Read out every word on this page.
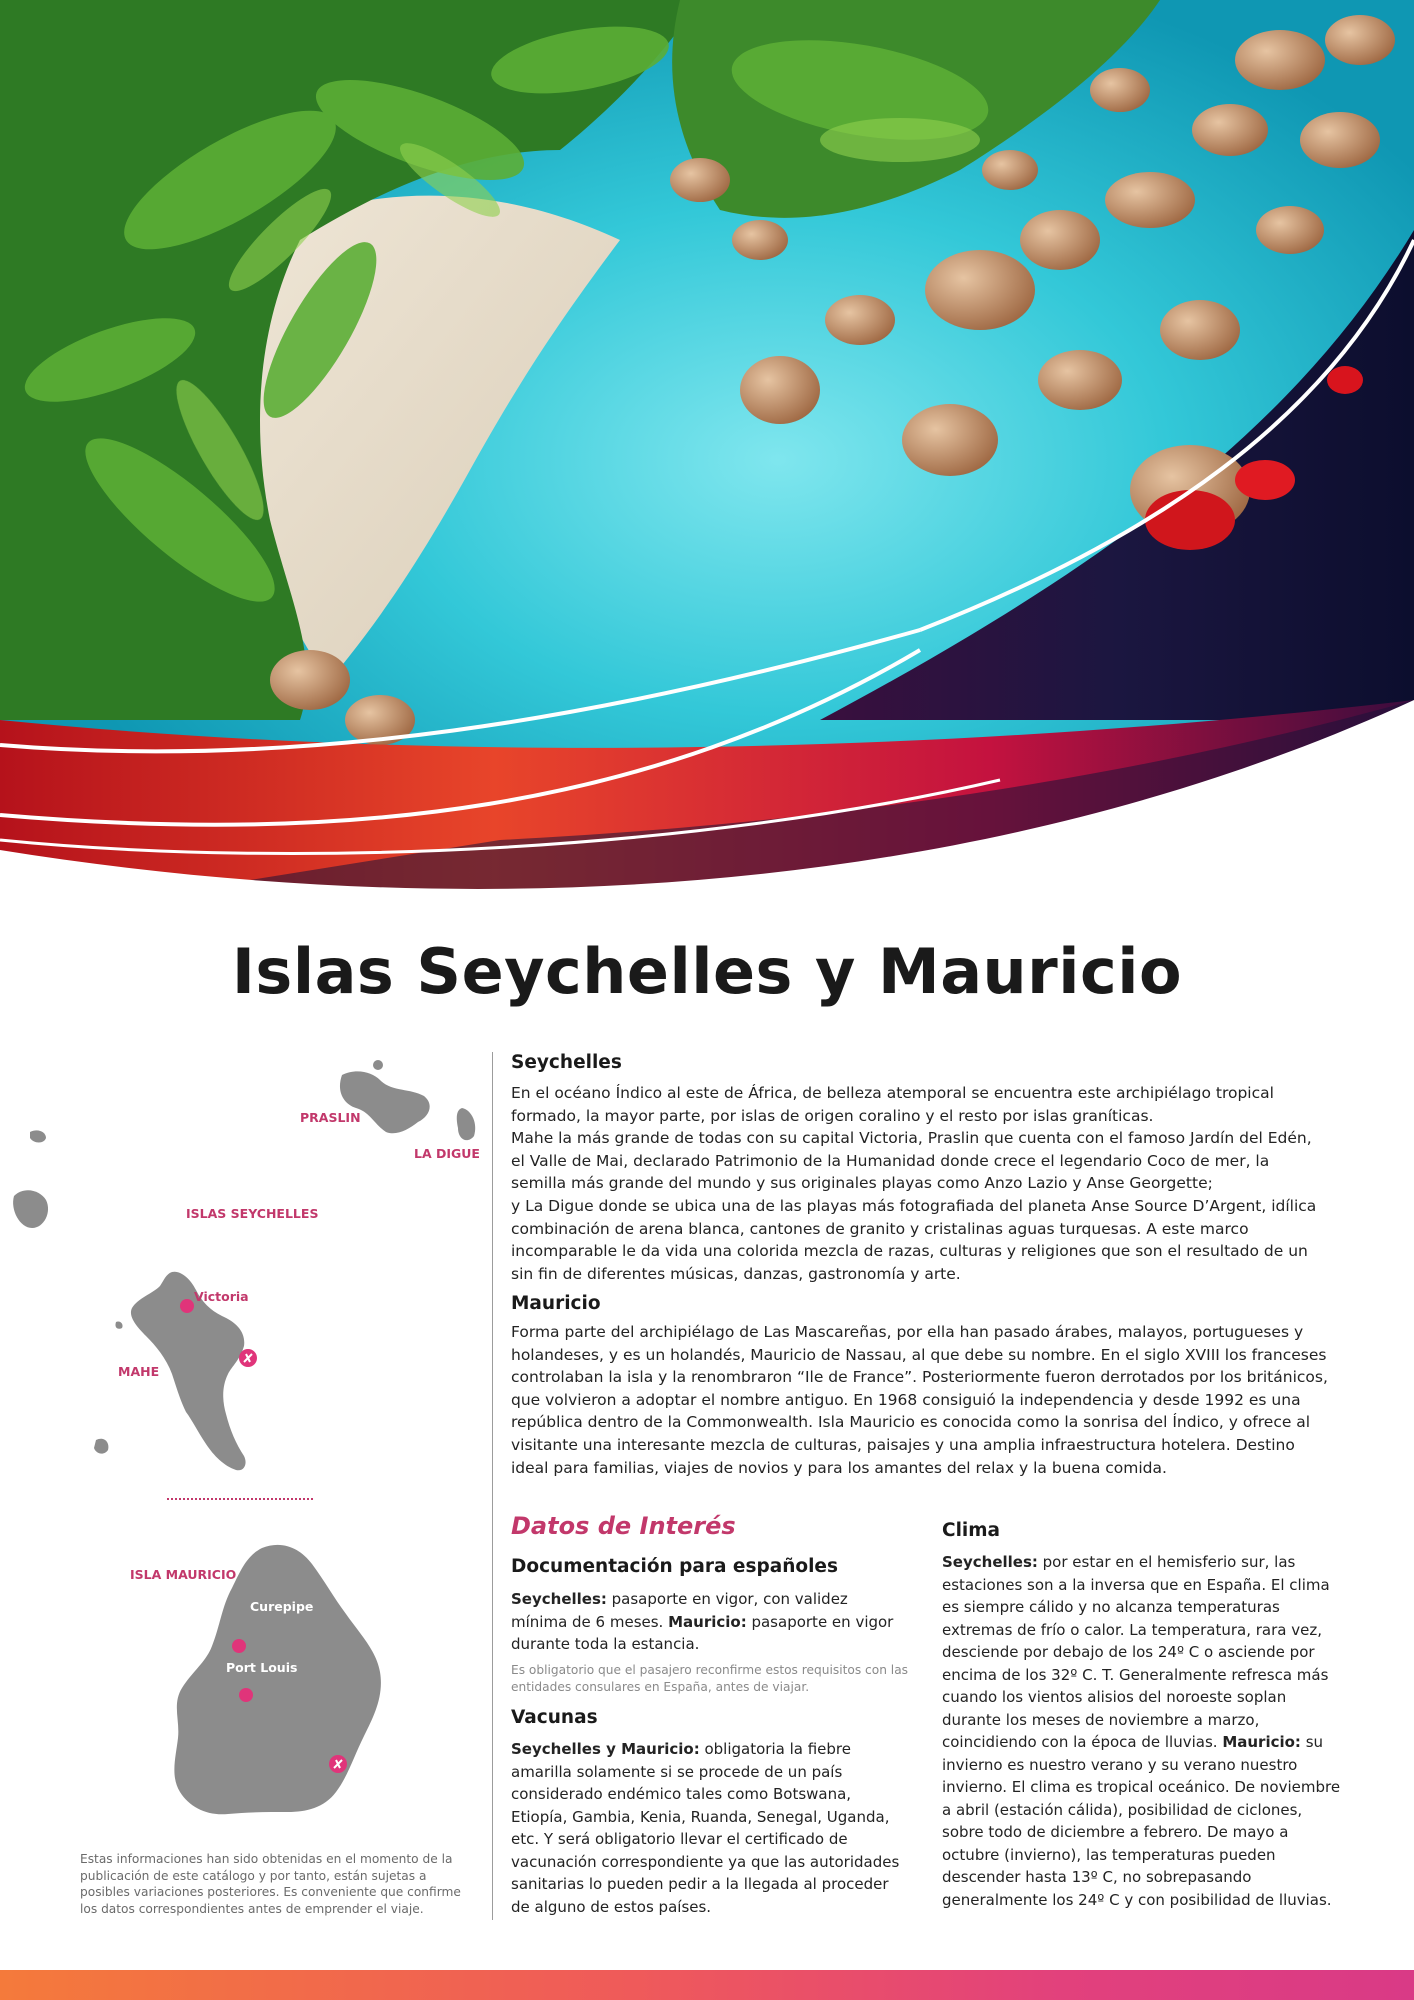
Islas Seychelles y Mauricio
PRASLIN
LA DIGUE
ISLAS SEYCHELLES
Victoria
MAHE
ISLA MAURICIO
Curepipe
Port Louis

Estas informaciones han sido obtenidas en el momento de la publicación de este catálogo y por tanto, están sujetas a posibles variaciones posteriores. Es conveniente que confirme los datos correspondientes antes de emprender el viaje.

Seychelles

En el océano Índico al este de África, de belleza atemporal se encuentra este archipiélago tropical formado, la mayor parte, por islas de origen coralino y el resto por islas graníticas.

Mahe la más grande de todas con su capital Victoria, Praslin que cuenta con el famoso Jardín del Edén, el Valle de Mai, declarado Patrimonio de la Humanidad donde crece el legendario Coco de mer, la semilla más grande del mundo y sus originales playas como Anzo Lazio y Anse Georgette;

y La Digue donde se ubica una de las playas más fotografiada del planeta Anse Source D’Argent, idílica combinación de arena blanca, cantones de granito y cristalinas aguas turquesas. A este marco incomparable le da vida una colorida mezcla de razas, culturas y religiones que son el resultado de un sin fin de diferentes músicas, danzas, gastronomía y arte.

Mauricio

Forma parte del archipiélago de Las Mascareñas, por ella han pasado árabes, malayos, portugueses y holandeses, y es un holandés, Mauricio de Nassau, al que debe su nombre. En el siglo XVIII los franceses controlaban la isla y la renombraron “Ile de France”. Posteriormente fueron derrotados por los británicos, que volvieron a adoptar el nombre antiguo. En 1968 consiguió la independencia y desde 1992 es una república dentro de la Commonwealth. Isla Mauricio es conocida como la sonrisa del Índico, y ofrece al visitante una interesante mezcla de culturas, paisajes y una amplia infraestructura hotelera. Destino ideal para familias, viajes de novios y para los amantes del relax y la buena comida.

Datos de Interés
Documentación para españoles

Seychelles: pasaporte en vigor, con validez mínima de 6 meses. Mauricio: pasaporte en vigor durante toda la estancia.

Es obligatorio que el pasajero reconfirme estos requisitos con las entidades consulares en España, antes de viajar.

Vacunas

Seychelles y Mauricio: obligatoria la fiebre amarilla solamente si se procede de un país considerado endémico tales como Botswana, Etiopía, Gambia, Kenia, Ruanda, Senegal, Uganda, etc. Y será obligatorio llevar el certificado de vacunación correspondiente ya que las autoridades sanitarias lo pueden pedir a la llegada al proceder de alguno de estos países.

Clima

Seychelles: por estar en el hemisferio sur, las estaciones son a la inversa que en España. El clima es siempre cálido y no alcanza temperaturas extremas de frío o calor. La temperatura, rara vez, desciende por debajo de los 24º C o asciende por encima de los 32º C. T. Generalmente refresca más cuando los vientos alisios del noroeste soplan durante los meses de noviembre a marzo, coincidiendo con la época de lluvias. Mauricio: su invierno es nuestro verano y su verano nuestro invierno. El clima es tropical oceánico. De noviembre a abril (estación cálida), posibilidad de ciclones, sobre todo de diciembre a febrero. De mayo a octubre (invierno), las temperaturas pueden descender hasta 13º C, no sobrepasando generalmente los 24º C y con posibilidad de lluvias.
